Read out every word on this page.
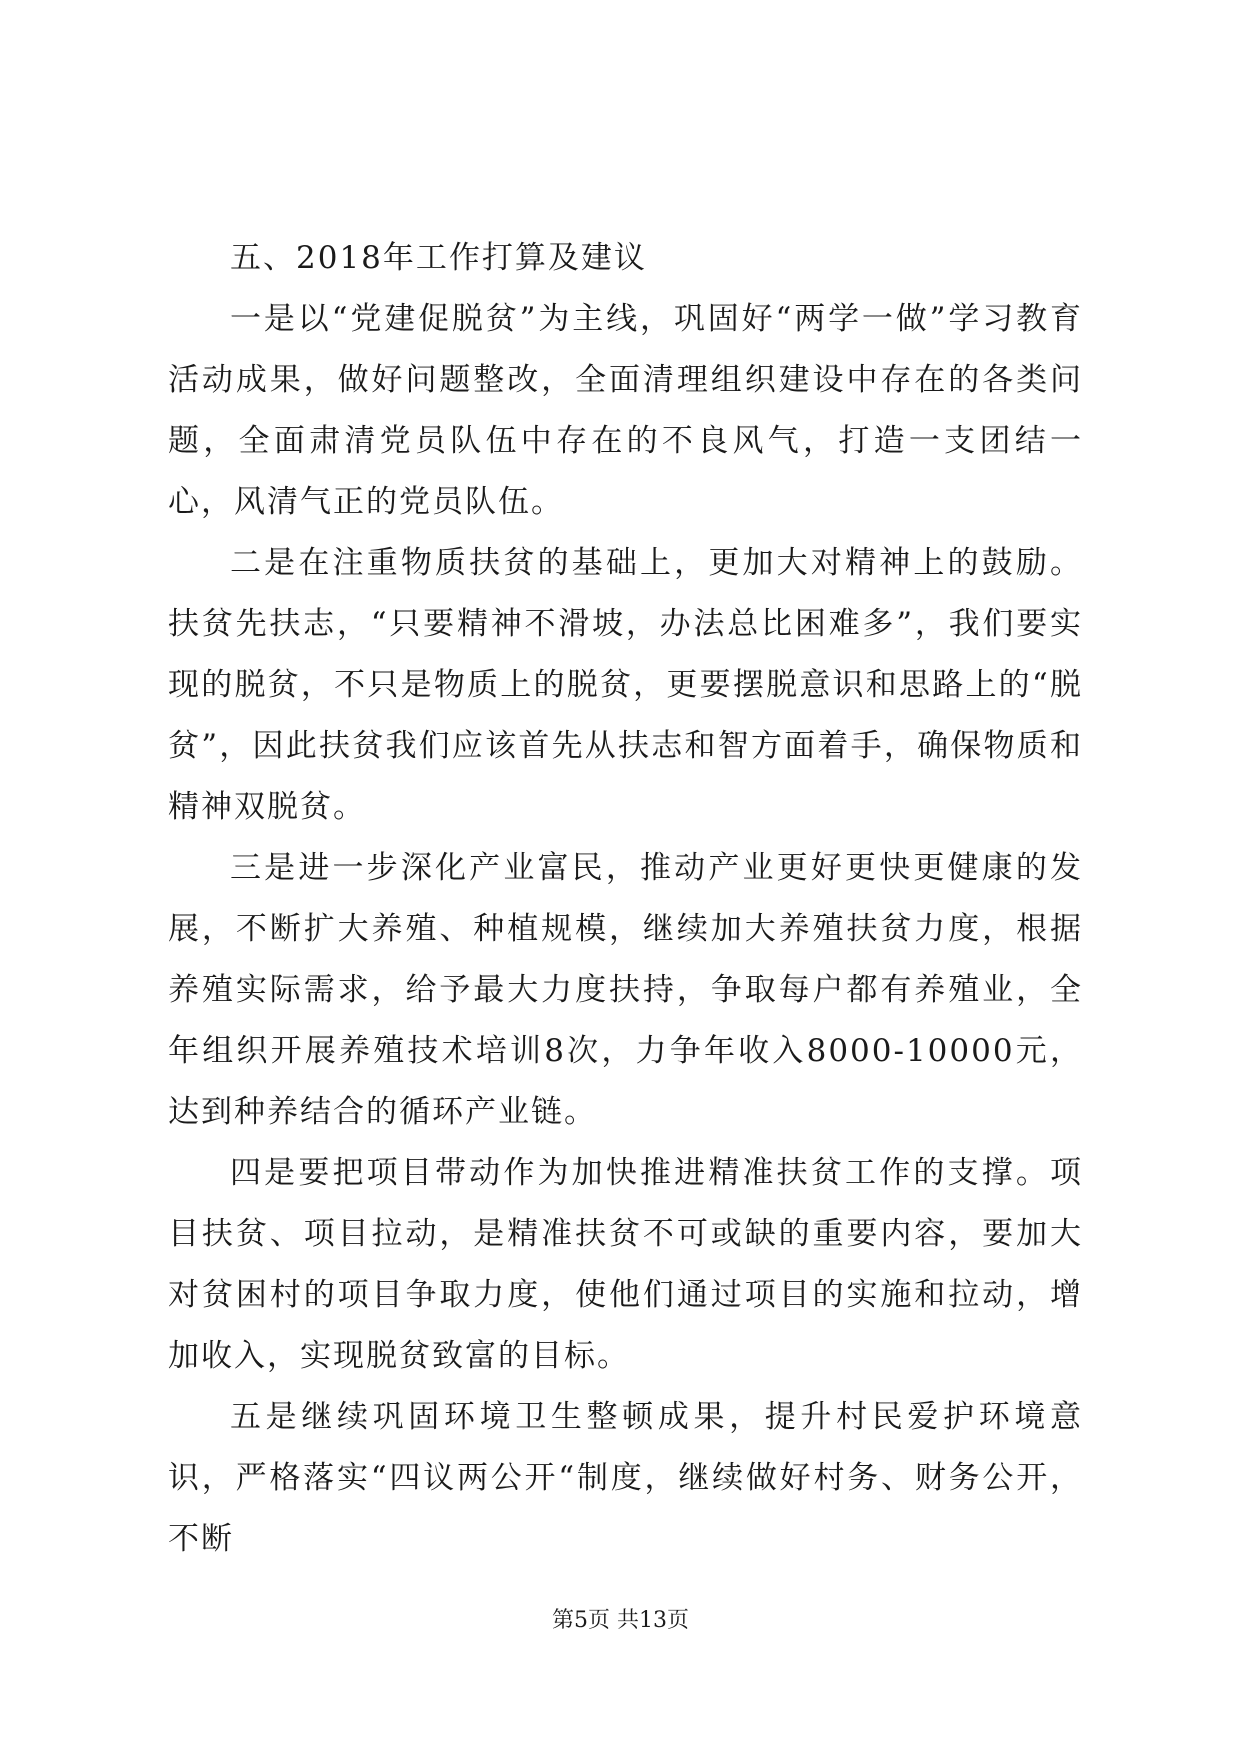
五、2018年工作打算及建议

一是以“党建促脱贫”为主线，巩固好“两学一做”学习教育活动成果，做好问题整改，全面清理组织建设中存在的各类问题，全面肃清党员队伍中存在的不良风气，打造一支团结一心，风清气正的党员队伍。

二是在注重物质扶贫的基础上，更加大对精神上的鼓励。扶贫先扶志，“只要精神不滑坡，办法总比困难多”，我们要实现的脱贫，不只是物质上的脱贫，更要摆脱意识和思路上的“脱贫”，因此扶贫我们应该首先从扶志和智方面着手，确保物质和精神双脱贫。

三是进一步深化产业富民，推动产业更好更快更健康的发展，不断扩大养殖、种植规模，继续加大养殖扶贫力度，根据养殖实际需求，给予最大力度扶持，争取每户都有养殖业，全年组织开展养殖技术培训8次，力争年收入8000-10000元，达到种养结合的循环产业链。

四是要把项目带动作为加快推进精准扶贫工作的支撑。项目扶贫、项目拉动，是精准扶贫不可或缺的重要内容，要加大对贫困村的项目争取力度，使他们通过项目的实施和拉动，增加收入，实现脱贫致富的目标。

五是继续巩固环境卫生整顿成果，提升村民爱护环境意识，严格落实“四议两公开“制度，继续做好村务、财务公开，不断

第5页 共13页
